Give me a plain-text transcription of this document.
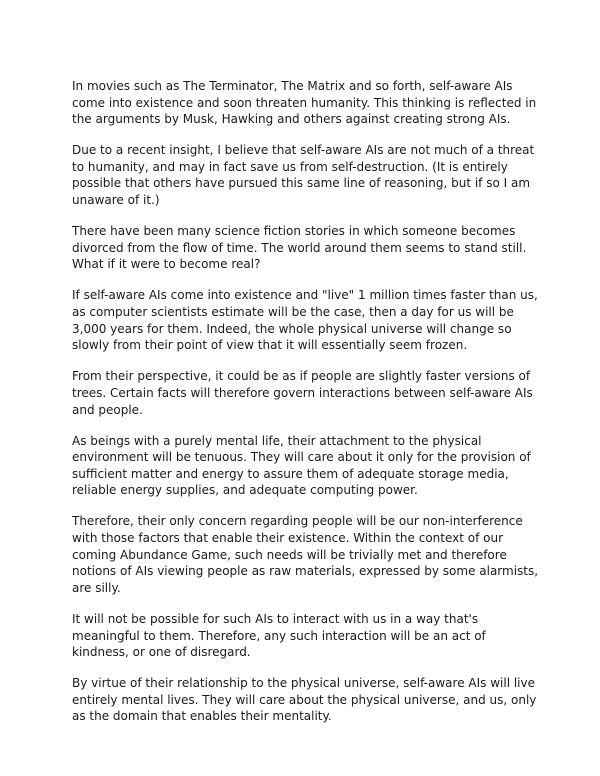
In movies such as The Terminator, The Matrix and so forth, self-aware AIs come into existence and soon threaten humanity. This thinking is reflected in the arguments by Musk, Hawking and others against creating strong AIs.

Due to a recent insight, I believe that self-aware AIs are not much of a threat to humanity, and may in fact save us from self-destruction. (It is entirely possible that others have pursued this same line of reasoning, but if so I am unaware of it.)

There have been many science fiction stories in which someone becomes divorced from the flow of time. The world around them seems to stand still. What if it were to become real?

If self-aware AIs come into existence and "live" 1 million times faster than us, as computer scientists estimate will be the case, then a day for us will be 3,000 years for them. Indeed, the whole physical universe will change so slowly from their point of view that it will essentially seem frozen.

From their perspective, it could be as if people are slightly faster versions of trees. Certain facts will therefore govern interactions between self-aware AIs and people.

As beings with a purely mental life, their attachment to the physical environment will be tenuous. They will care about it only for the provision of sufficient matter and energy to assure them of adequate storage media, reliable energy supplies, and adequate computing power.

Therefore, their only concern regarding people will be our non-interference with those factors that enable their existence. Within the context of our coming Abundance Game, such needs will be trivially met and therefore notions of AIs viewing people as raw materials, expressed by some alarmists, are silly.

It will not be possible for such AIs to interact with us in a way that's meaningful to them. Therefore, any such interaction will be an act of kindness, or one of disregard.

By virtue of their relationship to the physical universe, self-aware AIs will live entirely mental lives. They will care about the physical universe, and us, only as the domain that enables their mentality.
